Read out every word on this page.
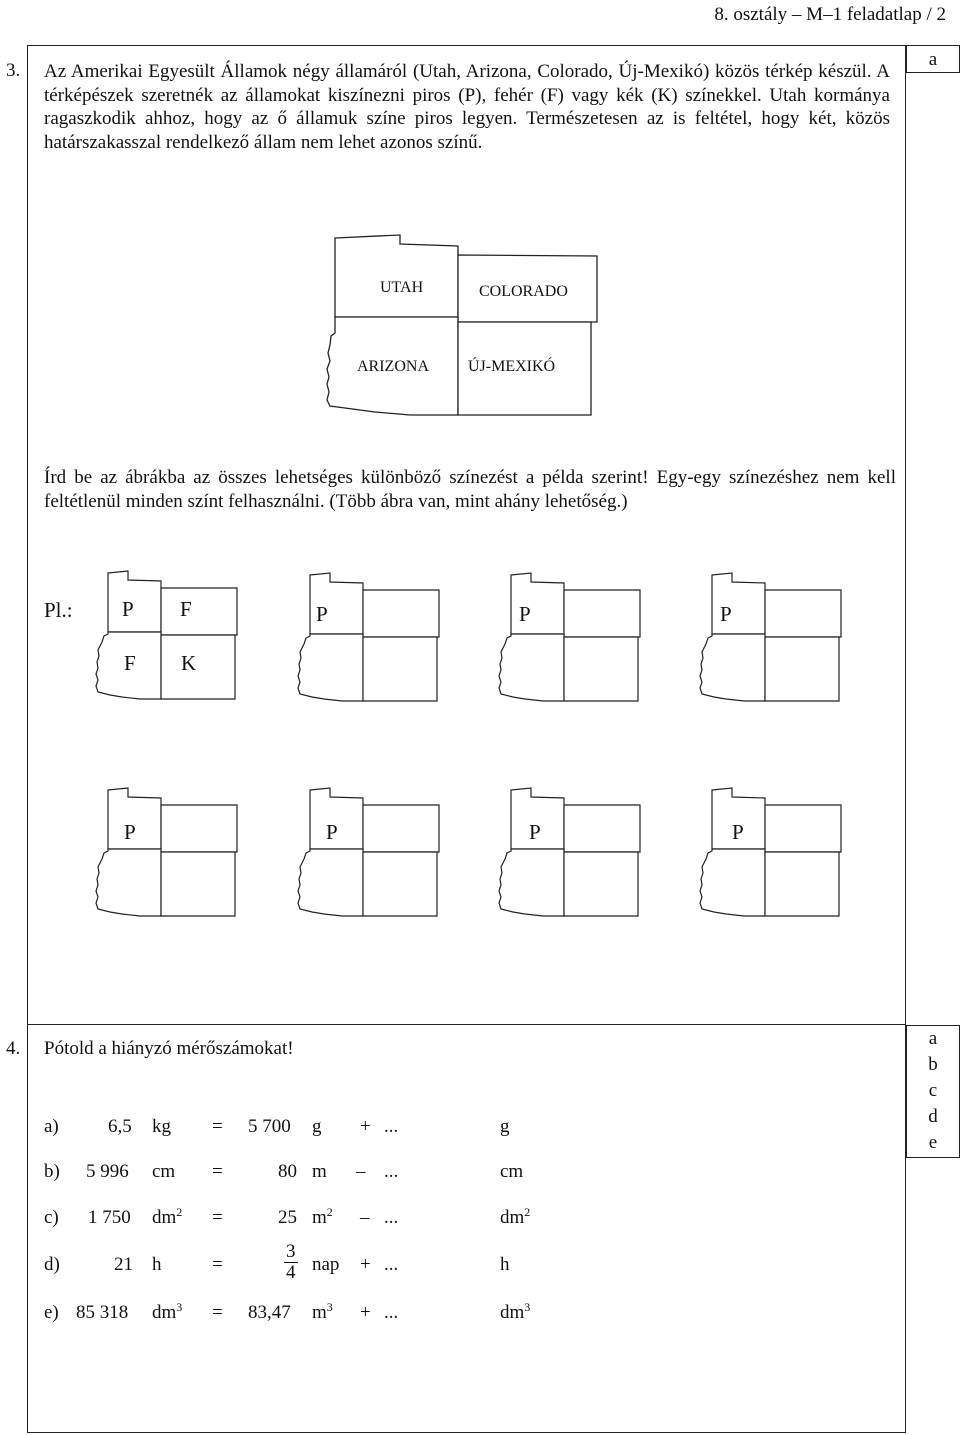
8. osztály – M–1 feladatlap / 2
a
a
b
c
d
e
3. Az Amerikai Egyesült Államok négy államáról (Utah, Arizona, Colorado, Új-Mexikó) közös térkép készül. A térképészek szeretnék az államokat kiszínezni piros (P), fehér (F) vagy kék (K) színekkel. Utah kormánya ragaszkodik ahhoz, hogy az ő államuk színe piros legyen. Természetesen az is feltétel, hogy két, közös határszakasszal rendelkező állam nem lehet azonos színű.
UTAH	COLORADO
ARIZONA ÚJ-MEXIKÓ
Írd be az ábrákba az összes lehetséges különböző színezést a példa szerint! Egy-egy színezéshez nem kell feltétlenül minden színt felhasználni. (Több ábra van, mint ahány lehetőség.)
Pl.: P F
F K
P	P	P
P	P	P	P
4. Pótold a hiányzó mérőszámokat!
a)	6,5 kg = 5 700 g + ...	g
b) 5 996 cm =	80 m – ...	cm
c) 1 750 $dm^2$ =	25 $m^2$ – ...	$dm^2$
d)	21 h	=	$\frac{3}{4}$ nap + ...	h
e) 85 318 $dm^3 = 83,47$ $m^3$ + ...	$dm^3$
